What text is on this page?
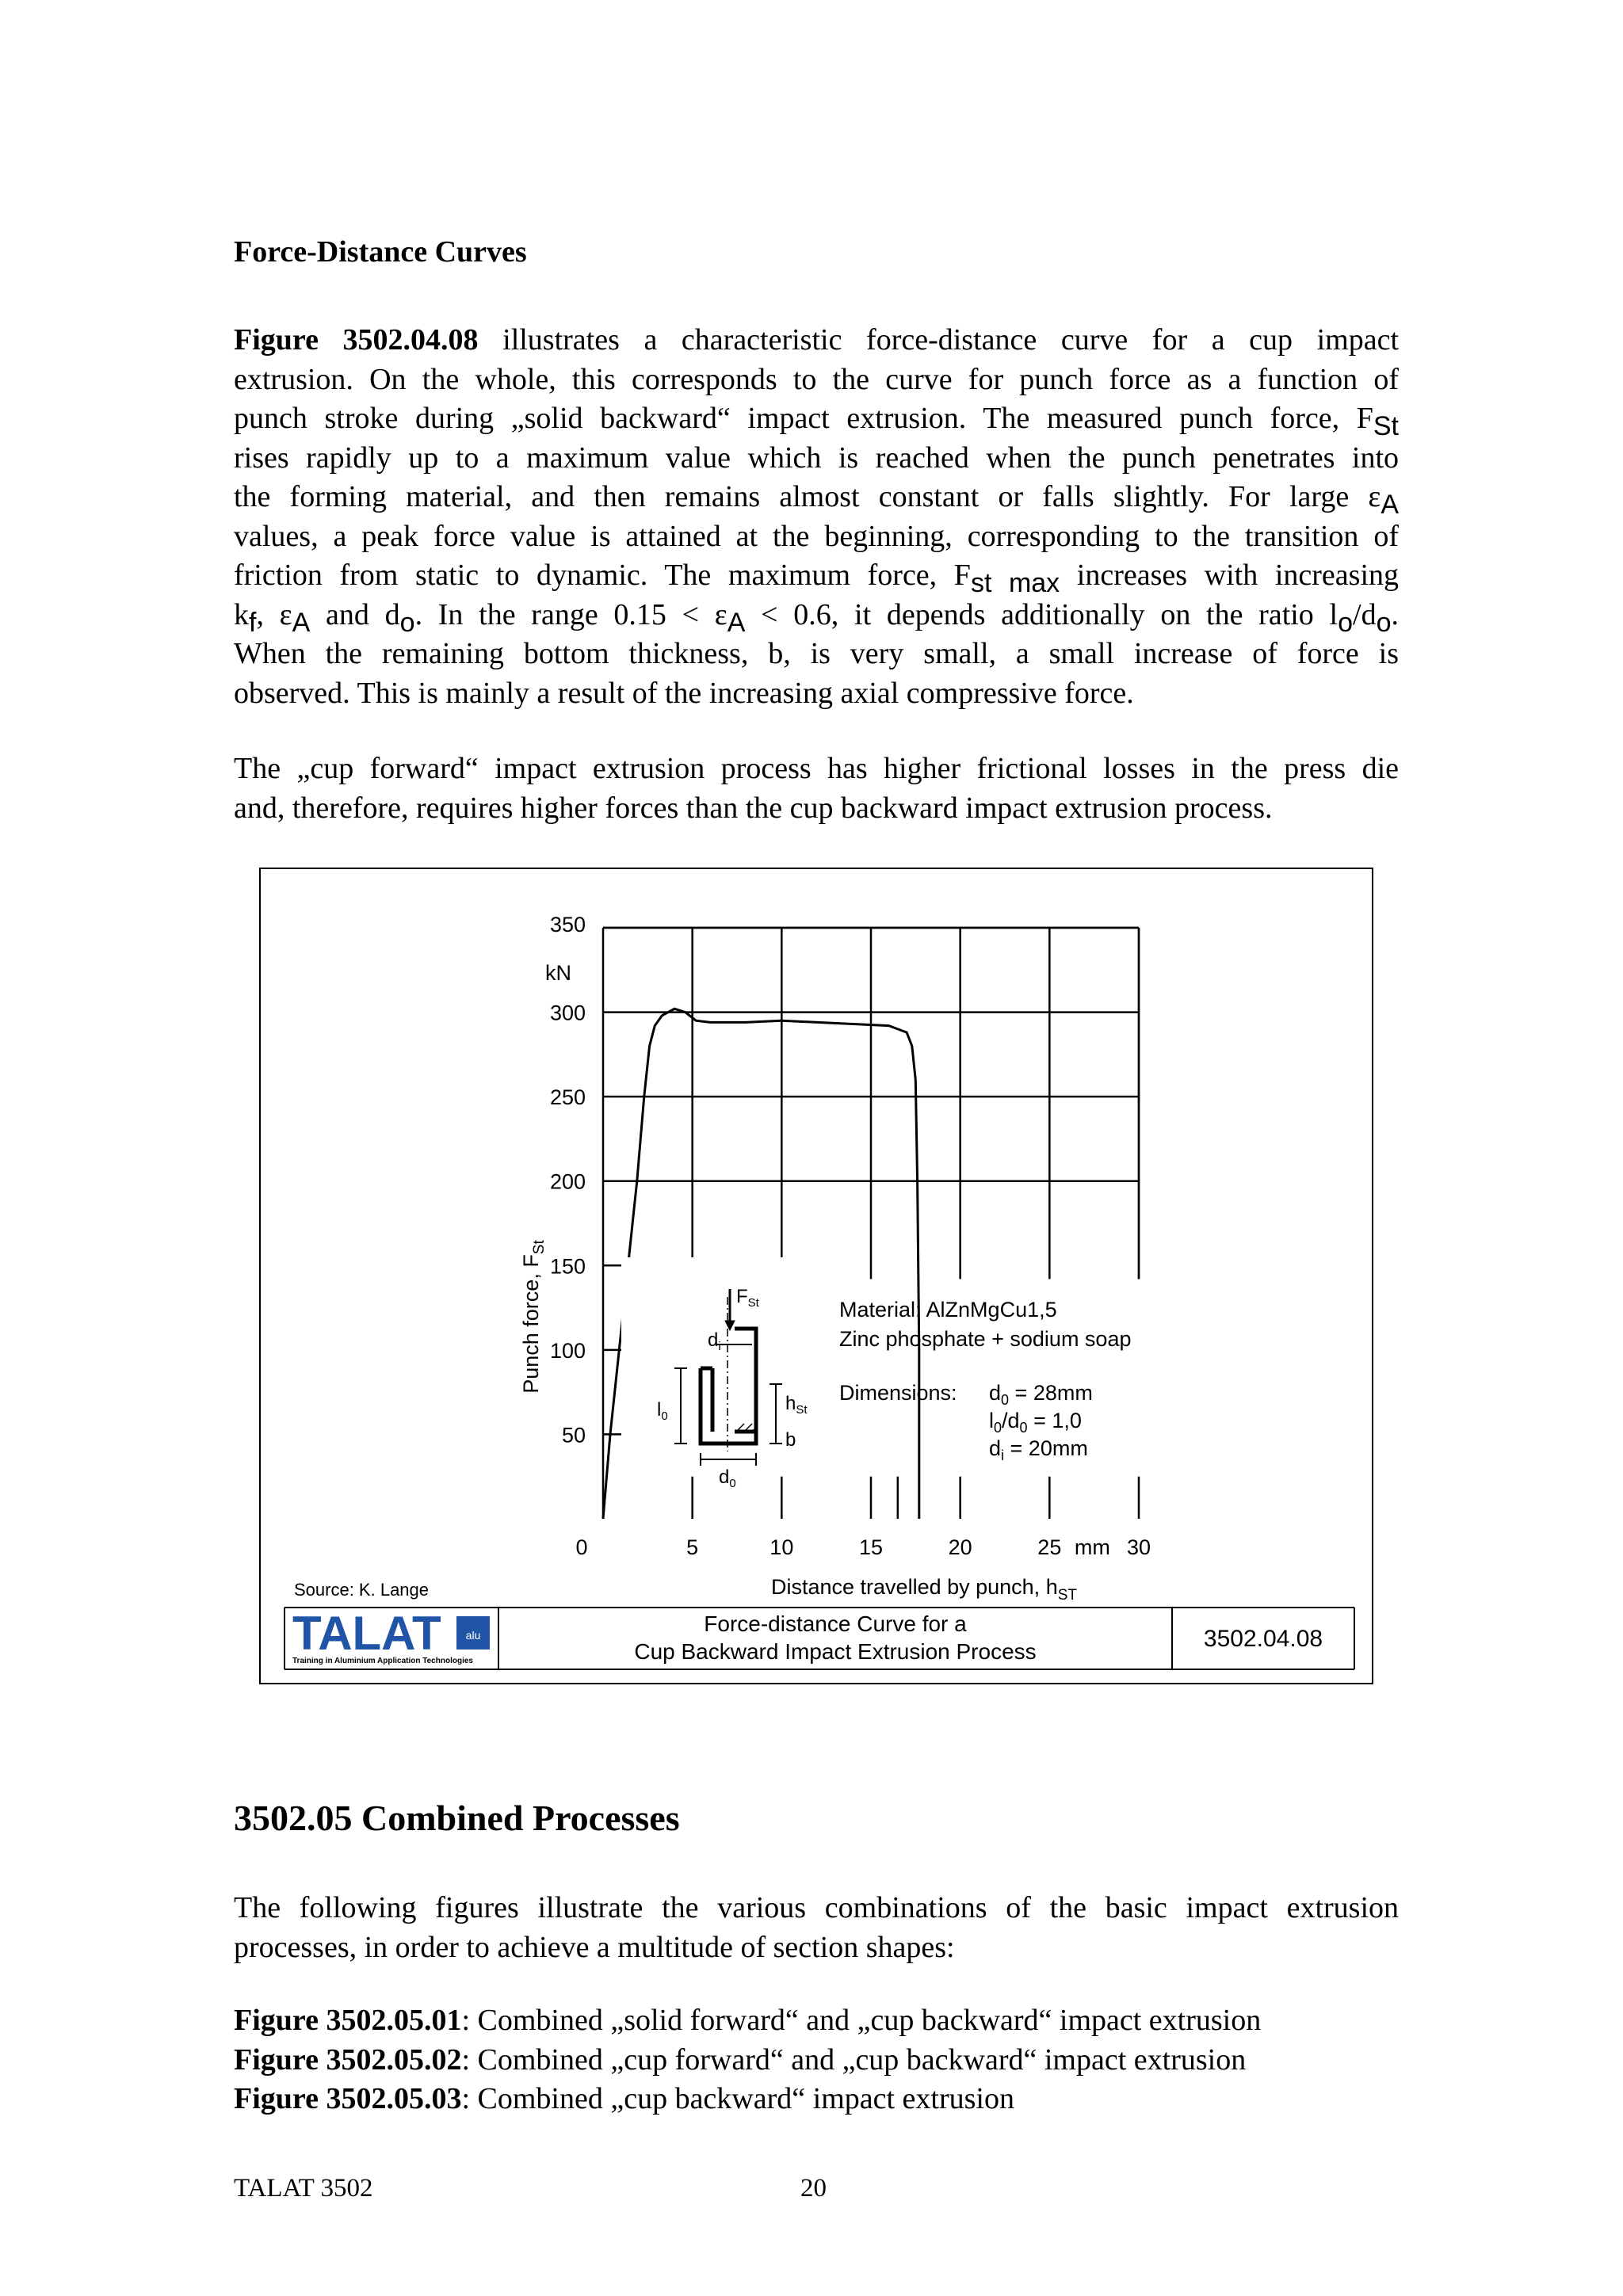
Force-Distance Curves
Figure 3502.04.08 illustrates a characteristic force-distance curve for a cup impact
extrusion. On the whole, this corresponds to the curve for punch force as a function of
punch stroke during „solid backward“ impact extrusion. The measured punch force, $F_{St}$
rises rapidly up to a maximum value which is reached when the punch penetrates into
the forming material, and then remains almost constant or falls slightly. For large $\varepsilon_A$
values, a peak force value is attained at the beginning, corresponding to the transition of
friction from static to dynamic. The maximum force, $F_{st max}$ increases with increasing
$k_f$, $\varepsilon_A$ and $d_o$. In the range $0.15 < \varepsilon_A < 0.6$, it depends additionally on the ratio $l_o/d_o$.
When the remaining bottom thickness, b, is very small, a small increase of force is
observed. This is mainly a result of the increasing axial compressive force.
The „cup forward“ impact extrusion process has higher frictional losses in the press die
and, therefore, requires higher forces than the cup backward impact extrusion process.
50
100
150
200
250
300
350
0	5	10	15	20	25	30
mm
kN
Distance travelled by punch, $h_{ST}$
Punch force, $F_{St}$
$F_{St}$
$d_i$
$l_0$
$h_{St}$
b
$d_0$
Material: AlZnMgCu1,5
Zinc phosphate + sodium soap
Dimensions: $d_0 = 28mm$
$l_0/d_0 = 1,0$
$d_i = 20mm$
Source: K. Lange
TALAT alu
Training in Aluminium Application Technologies
Force-distance Curve for a
Cup Backward Impact Extrusion Process	3502.04.08
3502.05 Combined Processes
The following figures illustrate the various combinations of the basic impact extrusion
processes, in order to achieve a multitude of section shapes:
Figure 3502.05.01: Combined „solid forward“ and „cup backward“ impact extrusion
Figure 3502.05.02: Combined „cup forward“ and „cup backward“ impact extrusion
Figure 3502.05.03: Combined „cup backward“ impact extrusion
TALAT 3502	20
